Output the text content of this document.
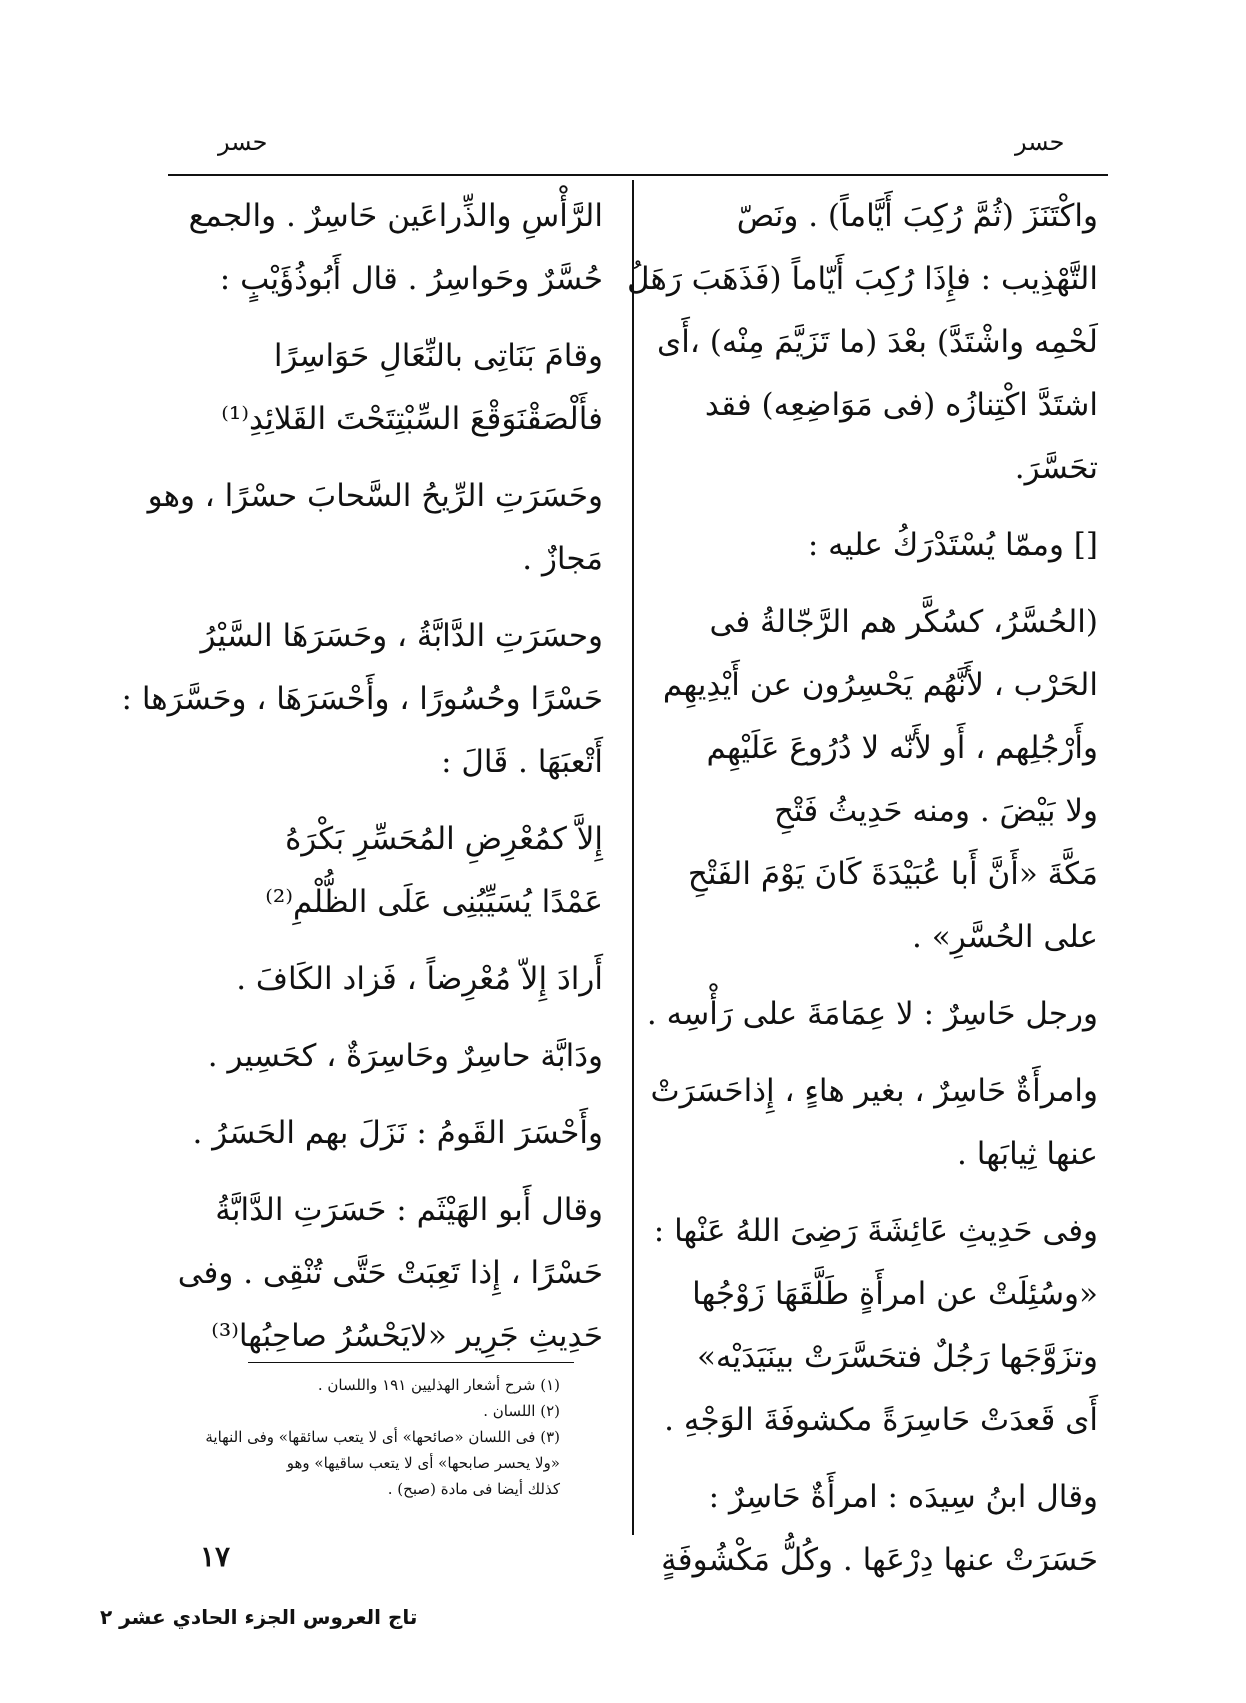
حسر	حسر
واكْتَنَزَ (ثُمَّ رُكِبَ أَيَّاماً) . ونَصّ
التَّهْذِيب : فإِذَا رُكِبَ أَيّاماً (فَذَهَبَ رَهَلُ
لَحْمِه واشْتَدَّ) بعْدَ (ما تَزَيَّمَ مِنْه) ،أَى
اشتَدَّ اكْتِنازُه (فى مَوَاضِعِه) فقد
تحَسَّرَ.
[] وممّا يُسْتَدْرَكُ عليه :
(الحُسَّرُ، كسُكَّر هم الرَّجّالةُ فى
الحَرْب ، لأَنَّهُم يَحْسِرُون عن أَيْدِيهِم
وأَرْجُلِهم ، أَو لأَنّه لا دُرُوعَ عَلَيْهِم
ولا بَيْضَ . ومنه حَدِيثُ فَتْحِ
مَكَّةَ «أَنَّ أَبا عُبَيْدَةَ كَانَ يَوْمَ الفَتْحِ
على الحُسَّرِ» .
ورجل حَاسِرٌ : لا عِمَامَةَ على رَأْسِه .
وامرأَةٌ حَاسِرٌ ، بغير هاءٍ ، إِذاحَسَرَتْ
عنها ثِيابَها .
وفى حَدِيثِ عَائِشَةَ رَضِىَ اللهُ عَنْها :
«وسُئِلَتْ عن امرأَةٍ طَلَّقَهَا زَوْجُها
وتزَوَّجَها رَجُلٌ فتحَسَّرَتْ بينَيَدَيْه»
أَى قَعدَتْ حَاسِرَةً مكشوفَةَ الوَجْهِ .
وقال ابنُ سِيدَه : امرأَةٌ حَاسِرٌ :
حَسَرَتْ عنها دِرْعَها . وكُلُّ مَكْشُوفَةٍ
الرَّأْسِ والذِّراعَين حَاسِرٌ . والجمع
حُسَّرٌ وحَواسِرُ . قال أَبُوذُؤَيْبٍ :
وقامَ بَنَاتِى بالنِّعَالِ حَوَاسِرًا
فأَلْصَقْنَوَقْعَ السِّبْتِتَحْتَ القَلائِدِ⁽¹⁾
وحَسَرَتِ الرِّيحُ السَّحابَ حسْرًا ، وهو
مَجازٌ .
وحسَرَتِ الدَّابَّةُ ، وحَسَرَهَا السَّيْرُ
حَسْرًا وحُسُورًا ، وأَحْسَرَهَا ، وحَسَّرَها :
أَتْعبَهَا . قَالَ :
إِلاَّ كمُعْرِضِ المُحَسِّرِ بَكْرَهُ
عَمْدًا يُسَيِّبُنِى عَلَى الظُّلْمِ⁽²⁾
أَرادَ إِلاّ مُعْرِضاً ، فَزاد الكَافَ .
ودَابَّة حاسِرٌ وحَاسِرَةٌ ، كحَسِير .
وأَحْسَرَ القَومُ : نَزَلَ بهم الحَسَرُ .
وقال أَبو الهَيْثَم : حَسَرَتِ الدَّابَّةُ
حَسْرًا ، إِذا تَعِبَتْ حَتَّى تُنْقِى . وفى
حَدِيثِ جَرِير «لايَحْسُرُ صاحِبُها⁽³⁾
(١) شرح أشعار الهذليين ١٩١ واللسان .
(٢) اللسان .
(٣) فى اللسان «صائحها» أى لا يتعب سائقها» وفى النهاية
«ولا يحسر صابحها» أى لا يتعب ساقيها» وهو
كذلك أيضا فى مادة (صبح) .
١٧
تاج العروس الجزء الحادي عشر ٢
